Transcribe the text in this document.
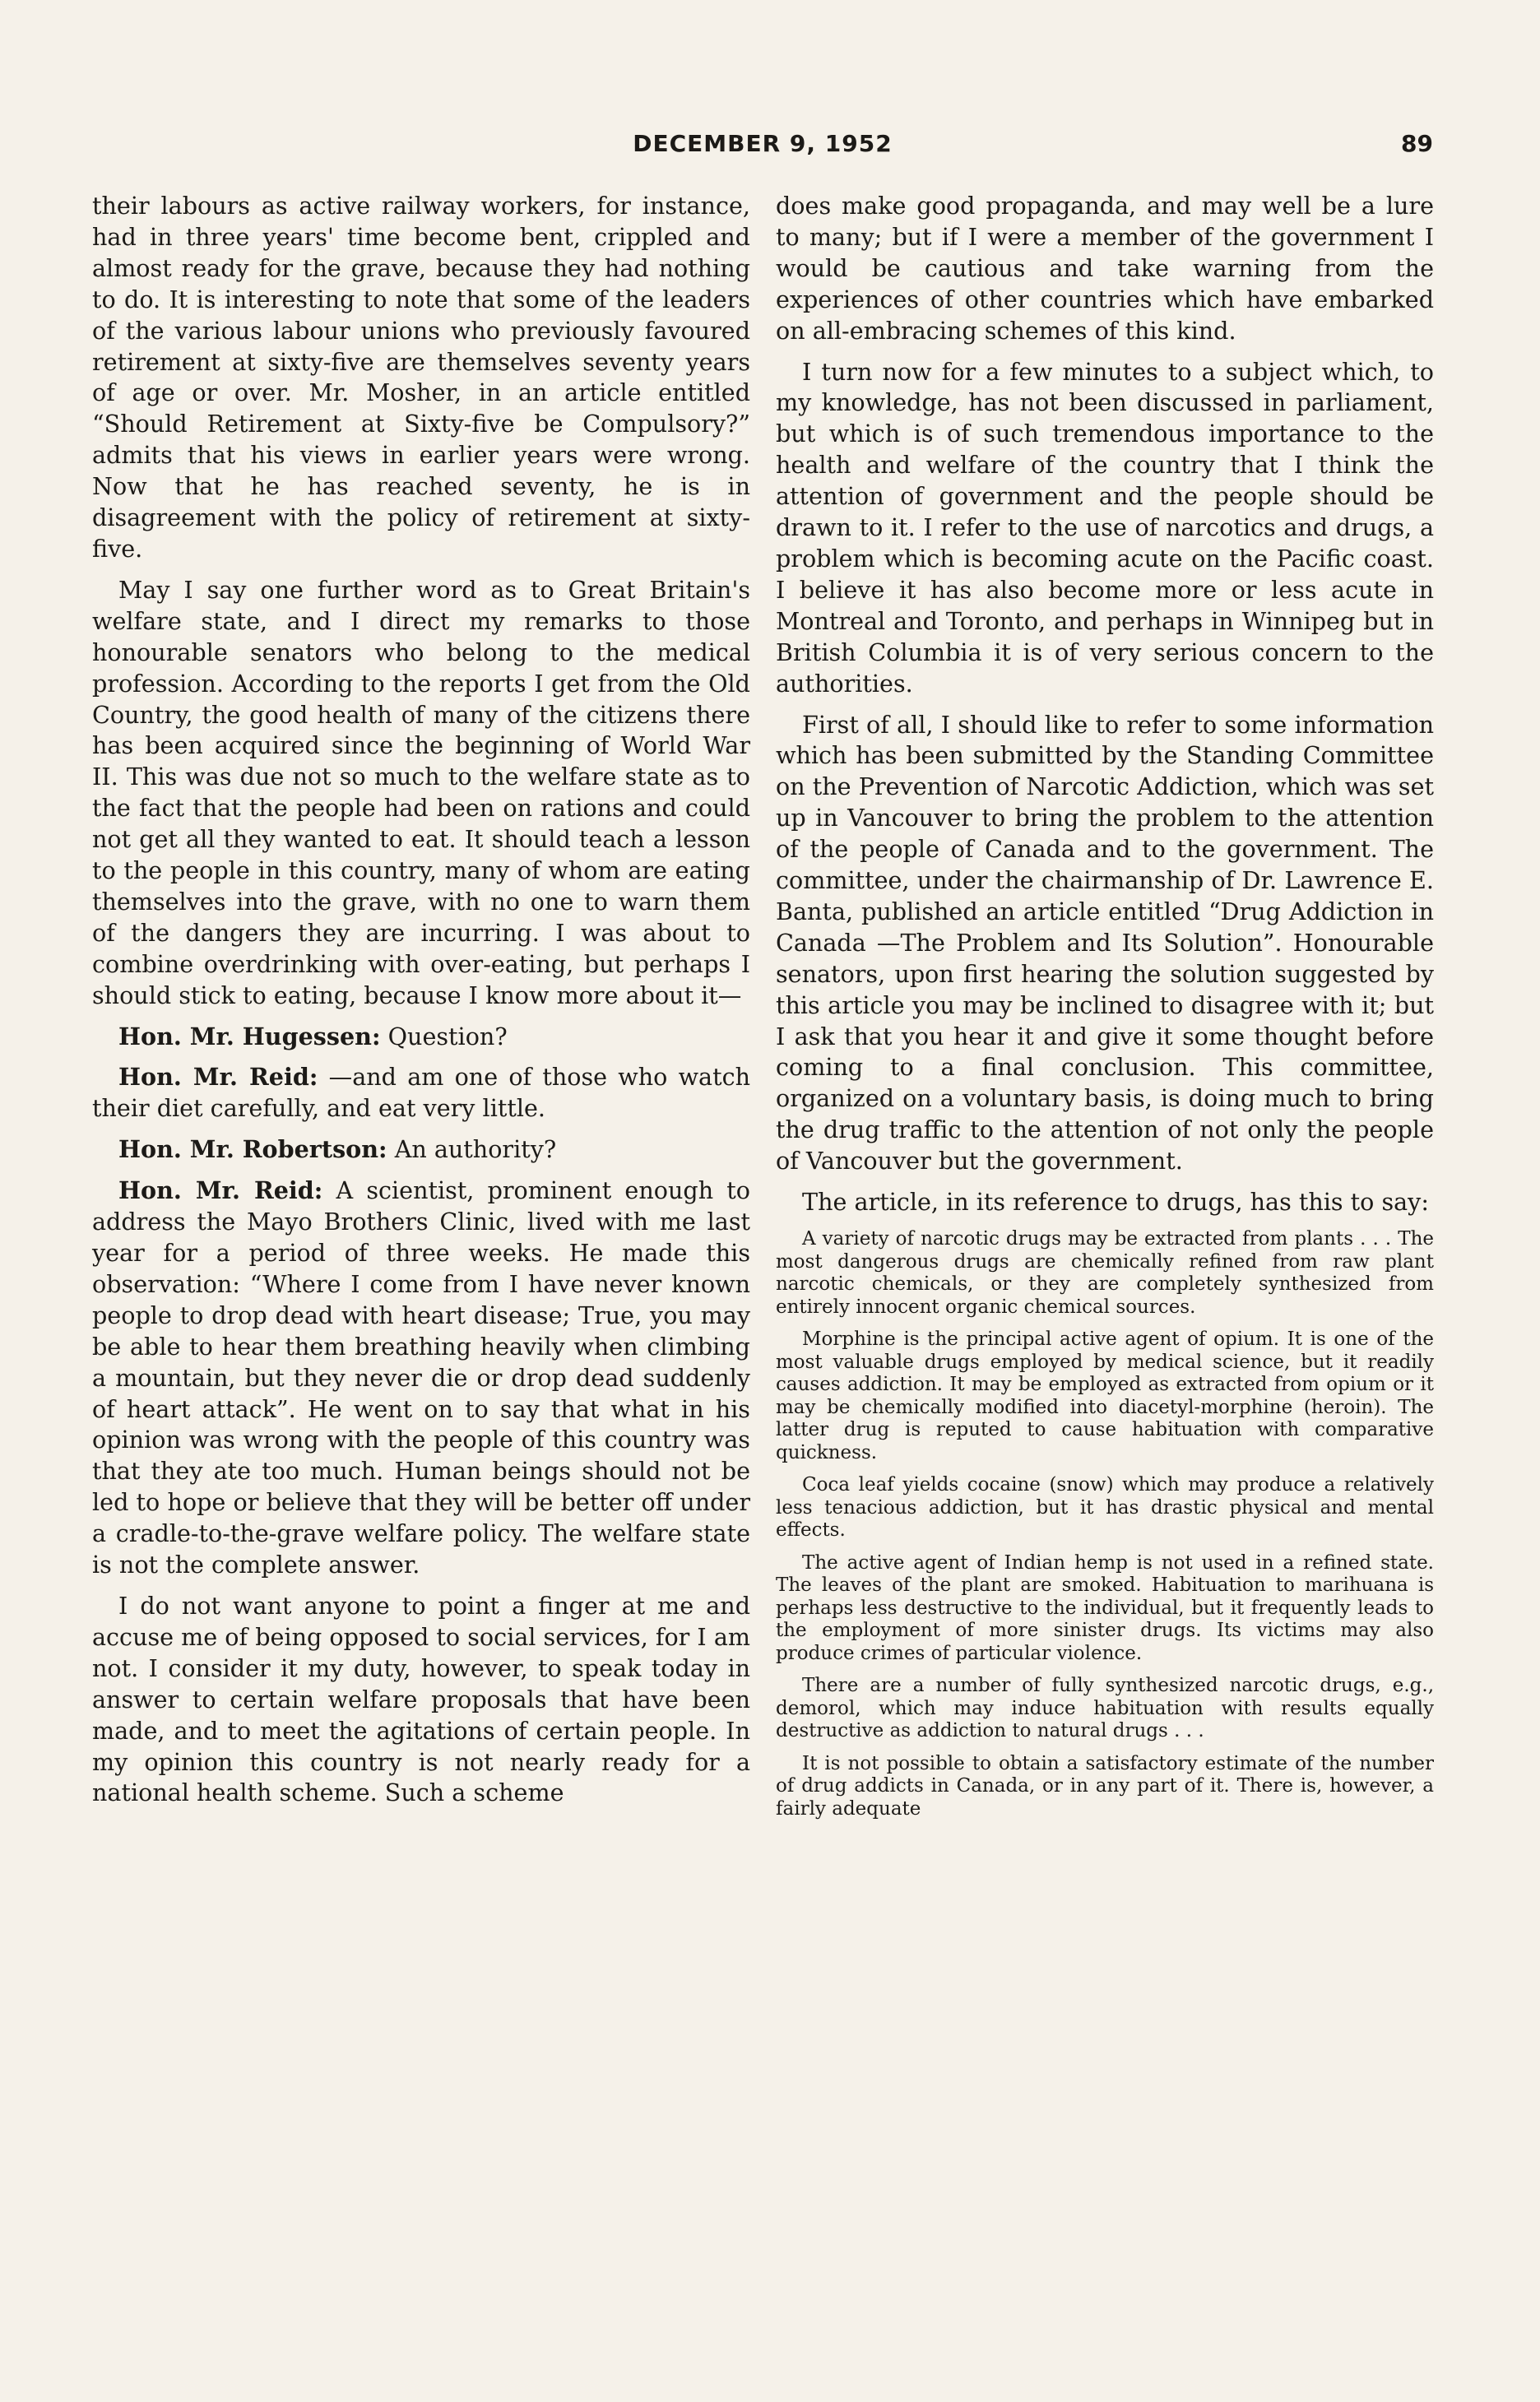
DECEMBER 9, 1952	89

their labours as active railway workers, for instance, had in three years' time become bent, crippled and almost ready for the grave, because they had nothing to do. It is interesting to note that some of the leaders of the various labour unions who previously favoured retirement at sixty-five are themselves seventy years of age or over. Mr. Mosher, in an article entitled “Should Retirement at Sixty-five be Compulsory?” admits that his views in earlier years were wrong. Now that he has reached seventy, he is in disagreement with the policy of retirement at sixty-five.

May I say one further word as to Great Britain's welfare state, and I direct my remarks to those honourable senators who belong to the medical profession. According to the reports I get from the Old Country, the good health of many of the citizens there has been acquired since the beginning of World War II. This was due not so much to the welfare state as to the fact that the people had been on rations and could not get all they wanted to eat. It should teach a lesson to the people in this country, many of whom are eating themselves into the grave, with no one to warn them of the dangers they are incurring. I was about to combine overdrinking with over-eating, but perhaps I should stick to eating, because I know more about it—

Hon. Mr. Hugessen: Question?

Hon. Mr. Reid: —and am one of those who watch their diet carefully, and eat very little.

Hon. Mr. Robertson: An authority?

Hon. Mr. Reid: A scientist, prominent enough to address the Mayo Brothers Clinic, lived with me last year for a period of three weeks. He made this observation: “Where I come from I have never known people to drop dead with heart disease; True, you may be able to hear them breathing heavily when climbing a mountain, but they never die or drop dead suddenly of heart attack”. He went on to say that what in his opinion was wrong with the people of this country was that they ate too much. Human beings should not be led to hope or believe that they will be better off under a cradle-to-the-grave welfare policy. The welfare state is not the complete answer.

I do not want anyone to point a finger at me and accuse me of being opposed to social services, for I am not. I consider it my duty, however, to speak today in answer to certain welfare proposals that have been made, and to meet the agitations of certain people. In my opinion this country is not nearly ready for a national health scheme. Such a scheme

does make good propaganda, and may well be a lure to many; but if I were a member of the government I would be cautious and take warning from the experiences of other countries which have embarked on all-embracing schemes of this kind.

I turn now for a few minutes to a subject which, to my knowledge, has not been discussed in parliament, but which is of such tremendous importance to the health and welfare of the country that I think the attention of government and the people should be drawn to it. I refer to the use of narcotics and drugs, a problem which is becoming acute on the Pacific coast. I believe it has also become more or less acute in Montreal and Toronto, and perhaps in Winnipeg but in British Columbia it is of very serious concern to the authorities.

First of all, I should like to refer to some information which has been submitted by the Standing Committee on the Prevention of Narcotic Addiction, which was set up in Vancouver to bring the problem to the attention of the people of Canada and to the government. The committee, under the chairmanship of Dr. Lawrence E. Banta, published an article entitled “Drug Addiction in Canada —The Problem and Its Solution”. Honourable senators, upon first hearing the solution suggested by this article you may be inclined to disagree with it; but I ask that you hear it and give it some thought before coming to a final conclusion. This committee, organized on a voluntary basis, is doing much to bring the drug traffic to the attention of not only the people of Vancouver but the government.

The article, in its reference to drugs, has this to say:

A variety of narcotic drugs may be extracted from plants . . . The most dangerous drugs are chemically refined from raw plant narcotic chemicals, or they are completely synthesized from entirely innocent organic chemical sources.

Morphine is the principal active agent of opium. It is one of the most valuable drugs employed by medical science, but it readily causes addiction. It may be employed as extracted from opium or it may be chemically modified into diacetyl-morphine (heroin). The latter drug is reputed to cause habituation with comparative quickness.

Coca leaf yields cocaine (snow) which may produce a relatively less tenacious addiction, but it has drastic physical and mental effects.

The active agent of Indian hemp is not used in a refined state. The leaves of the plant are smoked. Habituation to marihuana is perhaps less destructive to the individual, but it frequently leads to the employment of more sinister drugs. Its victims may also produce crimes of particular violence.

There are a number of fully synthesized narcotic drugs, e.g., demorol, which may induce habituation with results equally destructive as addiction to natural drugs . . .

It is not possible to obtain a satisfactory estimate of the number of drug addicts in Canada, or in any part of it. There is, however, a fairly adequate
